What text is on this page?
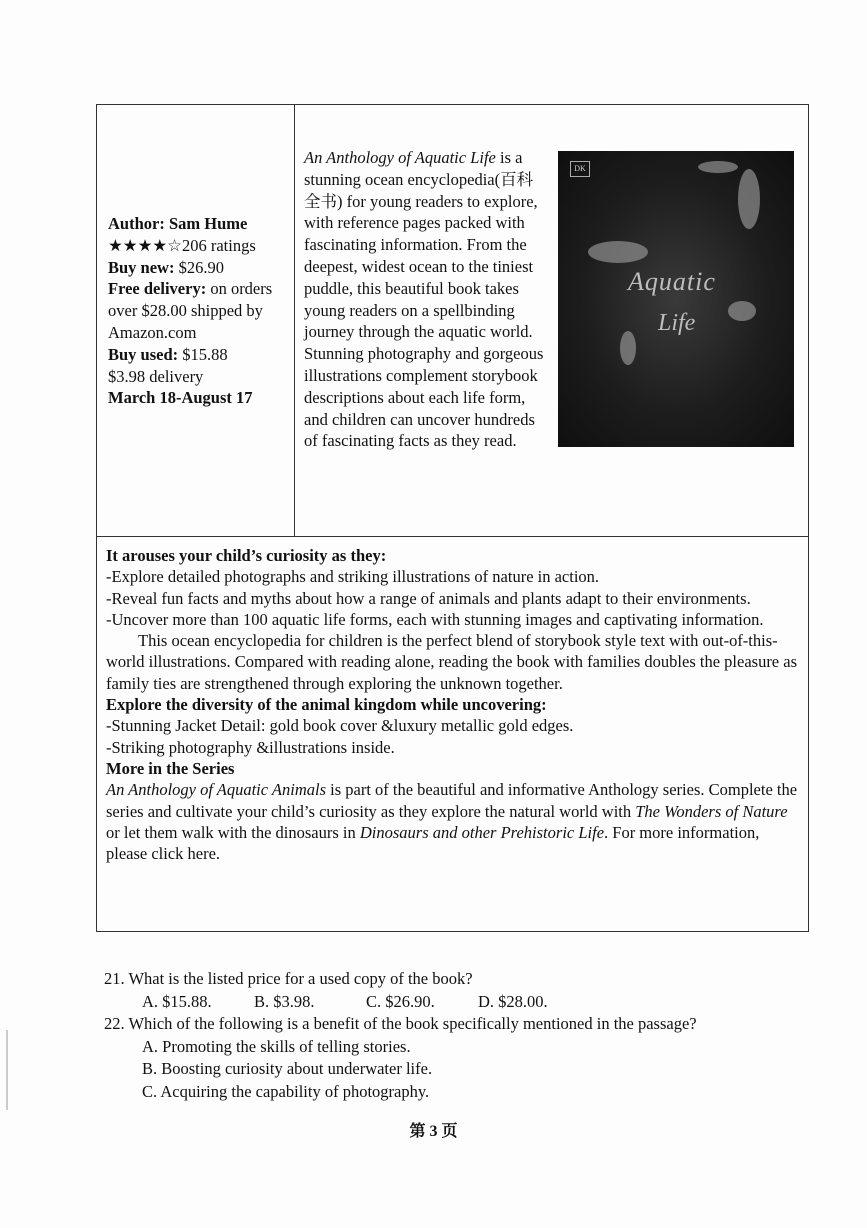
Author: Sam Hume
★★★★☆206 ratings
Buy new: $26.90
Free delivery: on orders over $28.00 shipped by Amazon.com
Buy used: $15.88
$3.98 delivery
March 18-August 17
DK
Aquatic
Life
An Anthology of Aquatic Life is a stunning ocean encyclopedia(百科全书) for young readers to explore, with reference pages packed with fascinating information. From the deepest, widest ocean to the tiniest puddle, this beautiful book takes young readers on a spellbinding journey through the aquatic world. Stunning photography and gorgeous illustrations complement storybook descriptions about each life form, and children can uncover hundreds of fascinating facts as they read.

It arouses your child’s curiosity as they:

-Explore detailed photographs and striking illustrations of nature in action.

-Reveal fun facts and myths about how a range of animals and plants adapt to their environments.

-Uncover more than 100 aquatic life forms, each with stunning images and captivating information.

This ocean encyclopedia for children is the perfect blend of storybook style text with out-of-this-world illustrations. Compared with reading alone, reading the book with families doubles the pleasure as family ties are strengthened through exploring the unknown together.

Explore the diversity of the animal kingdom while uncovering:

-Stunning Jacket Detail: gold book cover &luxury metallic gold edges.

-Striking photography &illustrations inside.

More in the Series

An Anthology of Aquatic Animals is part of the beautiful and informative Anthology series. Complete the series and cultivate your child’s curiosity as they explore the natural world with The Wonders of Nature or let them walk with the dinosaurs in Dinosaurs and other Prehistoric Life. For more information, please click here.

21. What is the listed price for a used copy of the book?

A. $15.88.	B. $3.98.	C. $26.90.	D. $28.00.

22. Which of the following is a benefit of the book specifically mentioned in the passage?

A. Promoting the skills of telling stories.

B. Boosting curiosity about underwater life.

C. Acquiring the capability of photography.

第 3 页
